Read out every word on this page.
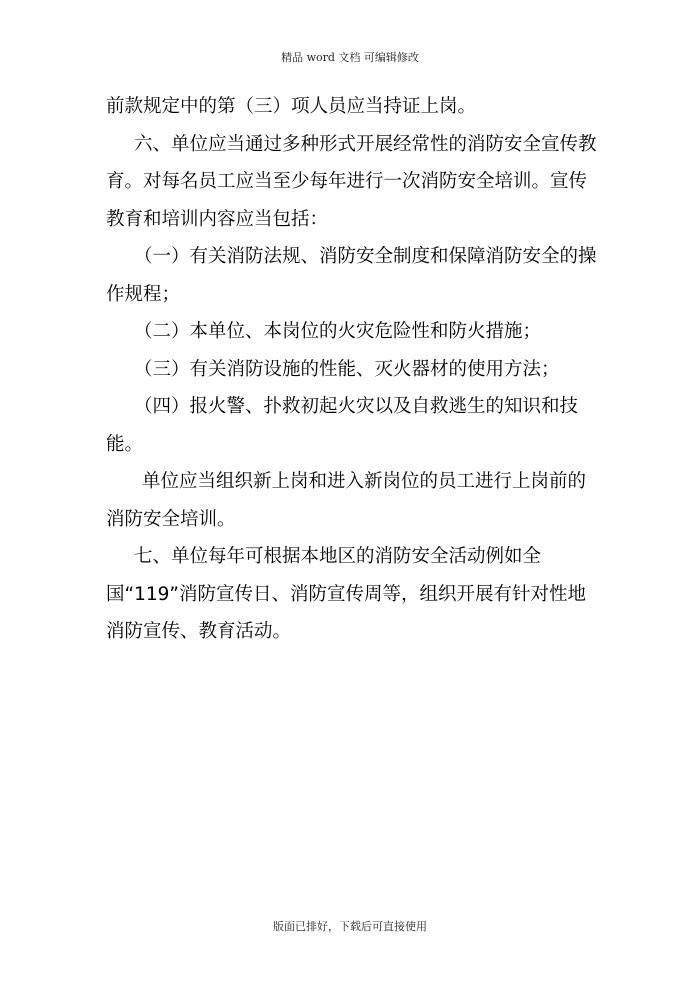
精品 word 文档 可编辑修改

前款规定中的第（三）项人员应当持证上岗。

六、单位应当通过多种形式开展经常性的消防安全宣传教育。对每名员工应当至少每年进行一次消防安全培训。宣传教育和培训内容应当包括：

（一）有关消防法规、消防安全制度和保障消防安全的操作规程；

（二）本单位、本岗位的火灾危险性和防火措施；

（三）有关消防设施的性能、灭火器材的使用方法；

（四）报火警、扑救初起火灾以及自救逃生的知识和技能。

单位应当组织新上岗和进入新岗位的员工进行上岗前的消防安全培训。

七、单位每年可根据本地区的消防安全活动例如全国“119”消防宣传日、消防宣传周等，组织开展有针对性地消防宣传、教育活动。

版面已排好，下载后可直接使用
